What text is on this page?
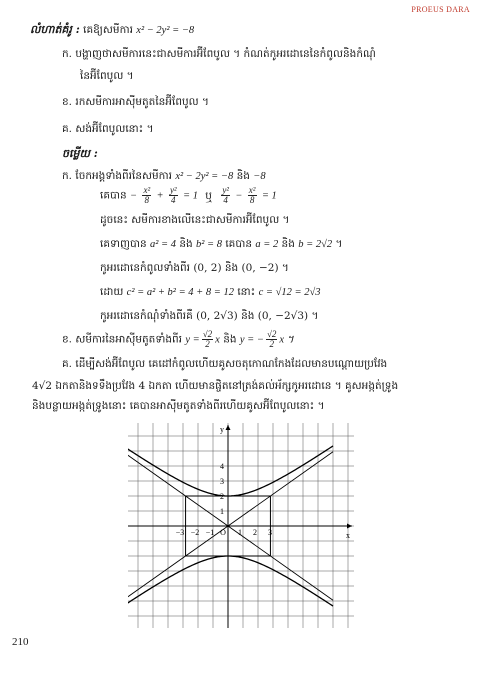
PROEUS DARA
លំហាត់គំរូ : គេឱ្យសមីការ x² − 2y² = −8
ក. បង្ហាញថាសមីការនេះជាសមីការអ៊ីពែបូល ។ កំណត់កូអរដោនេនៃកំពូលនិងកំណុំ
នៃអ៊ីពែបូល ។
ខ. រកសមីការអាស៊ីមតូតនៃអ៊ីពែបូល ។
គ. សង់អ៊ីពែបូលនោះ ។
ចម្លើយ :
ក. ចែកអង្គទាំងពីរនៃសមីការ x² − 2y² = −8 និង −8
គេបាន − $\frac{\text{x²}}{8} + \frac{\text{y²}}{4} = 1$ ឬ $\frac{\text{y²}}{4} - \frac{\text{x²}}{8} = 1$
ដូចនេះ សមីការខាងលើនេះជាសមីការអ៊ីពែបូល ។
គេទាញបាន a² = 4 និង b² = 8 គេបាន a = 2 និង b = 2√2 ។
កូអរដោនេកំពូលទាំងពីរ (0, 2) និង (0, −2) ។
ដោយ c² = a² + b² = 4 + 8 = 12 នោះ c = √12 = 2√3
កូអរដោនេកំណុំទាំងពីរគឺ (0, 2√3) និង (0, −2√3) ។
ខ. សមីការនៃអាស៊ីមតូតទាំងពីរ $y = \frac{√2}{2}$ x និង y = − $\frac{√2}{2}$ x ។
គ. ដើម្បីសង់អ៊ីពែបូល គេដៅកំពូលហើយគូសចតុកោណកែងដែលមានបណ្តោយប្រវែង
4√2 ឯកតានិងទទឹងប្រវែង 4 ឯកតា ហើយមានផ្ចិតនៅត្រង់គល់អ័ក្សកូអរដោនេ ។ គូសអង្កត់ទ្រូង
និងបន្លាយអង្កត់ទ្រូងនោះ គេបានអាស៊ីមតូតទាំងពីរហើយគូសអ៊ីពែបូលនោះ ។
x
y
O
−3 −2 −1	1 2 3
4
3
2
1
210
